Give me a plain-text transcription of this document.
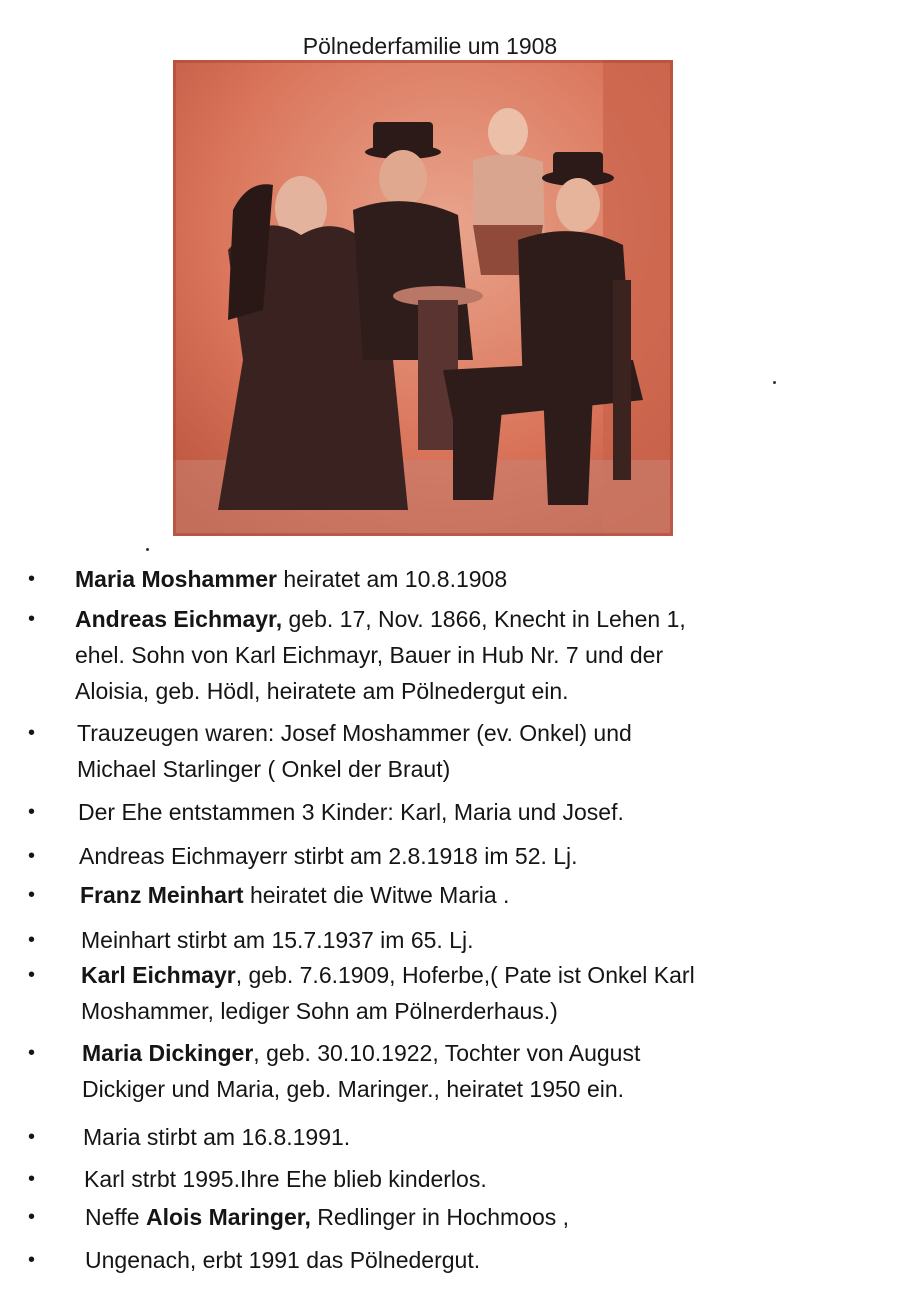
Pölnederfamilie um 1908
• Maria Moshammer heiratet am 10.8.1908
• Andreas Eichmayr, geb. 17, Nov. 1866, Knecht in Lehen 1,
ehel. Sohn von Karl Eichmayr, Bauer in Hub Nr. 7 und der
Aloisia, geb. Hödl, heiratete am Pölnedergut ein.
• Trauzeugen waren: Josef Moshammer (ev. Onkel) und
Michael Starlinger ( Onkel der Braut)
• Der Ehe entstammen 3 Kinder: Karl, Maria und Josef.
• Andreas Eichmayerr stirbt am 2.8.1918 im 52. Lj.
• Franz Meinhart heiratet die Witwe Maria .
• Meinhart stirbt am 15.7.1937 im 65. Lj.
• Karl Eichmayr, geb. 7.6.1909, Hoferbe,( Pate ist Onkel Karl
Moshammer, lediger Sohn am Pölnerderhaus.)
• Maria Dickinger, geb. 30.10.1922, Tochter von August
Dickiger und Maria, geb. Maringer., heiratet 1950 ein.
• Maria stirbt am 16.8.1991.
• Karl strbt 1995.Ihre Ehe blieb kinderlos.
• Neffe Alois Maringer, Redlinger in Hochmoos ,
• Ungenach, erbt 1991 das Pölnedergut.
